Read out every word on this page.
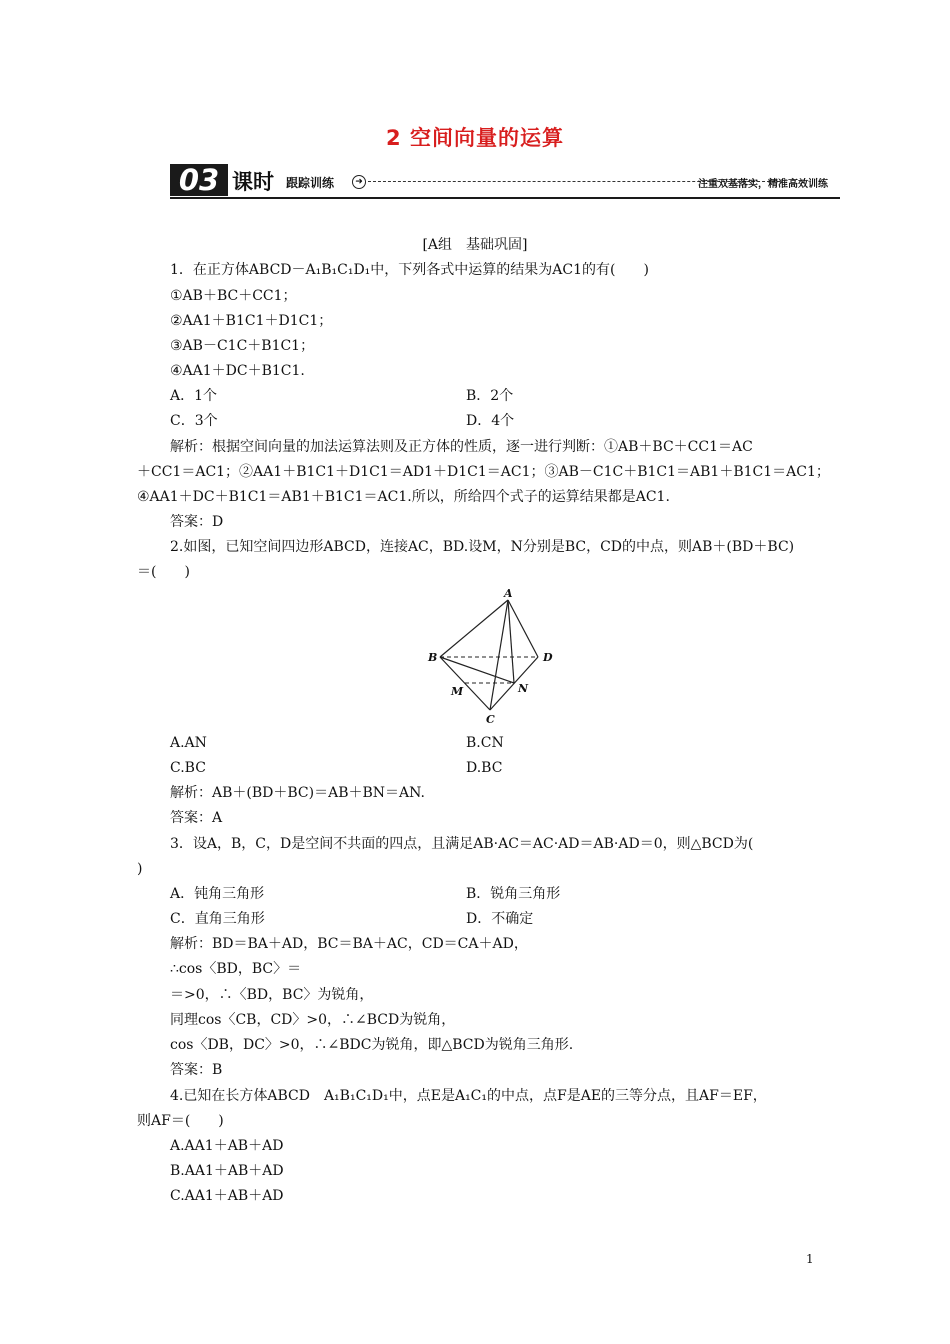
2 空间向量的运算
03 课时 跟踪训练	➜	注重双基落实，精准高效训练
[A组　基础巩固]
1．在正方体ABCD－A₁B₁C₁D₁中，下列各式中运算的结果为AC1的有(　　)
①AB＋BC＋CC1；
②AA1＋B1C1＋D1C1；
③AB－C1C＋B1C1；
④AA1＋DC＋B1C1.
A．1个	B．2个
C．3个	D．4个
解析：根据空间向量的加法运算法则及正方体的性质，逐一进行判断：①AB＋BC＋CC1＝AC
＋CC1＝AC1；②AA1＋B1C1＋D1C1＝AD1＋D1C1＝AC1；③AB－C1C＋B1C1＝AB1＋B1C1＝AC1；
④AA1＋DC＋B1C1＝AB1＋B1C1＝AC1.所以，所给四个式子的运算结果都是AC1.
答案：D
2.如图，已知空间四边形ABCD，连接AC，BD.设M，N分别是BC，CD的中点，则AB＋(BD＋BC)
＝(　　)
A
B	D
M	N
C
A.AN	B.CN
C.BC	D.BC
解析：AB＋(BD＋BC)＝AB＋BN＝AN.
答案：A
3．设A，B，C，D是空间不共面的四点，且满足AB·AC＝AC·AD＝AB·AD＝0，则△BCD为(
)
A．钝角三角形	B．锐角三角形
C．直角三角形	D．不确定
解析：BD＝BA＋AD，BC＝BA＋AC，CD＝CA＋AD，
∴cos〈BD，BC〉＝
＝>0，∴〈BD，BC〉为锐角，
同理cos〈CB，CD〉>0，∴∠BCD为锐角，
cos〈DB，DC〉>0，∴∠BDC为锐角，即△BCD为锐角三角形.
答案：B
4.已知在长方体ABCD　A₁B₁C₁D₁中，点E是A₁C₁的中点，点F是AE的三等分点，且AF＝EF，
则AF＝(　　)
A.AA1＋AB＋AD
B.AA1＋AB＋AD
C.AA1＋AB＋AD
1
